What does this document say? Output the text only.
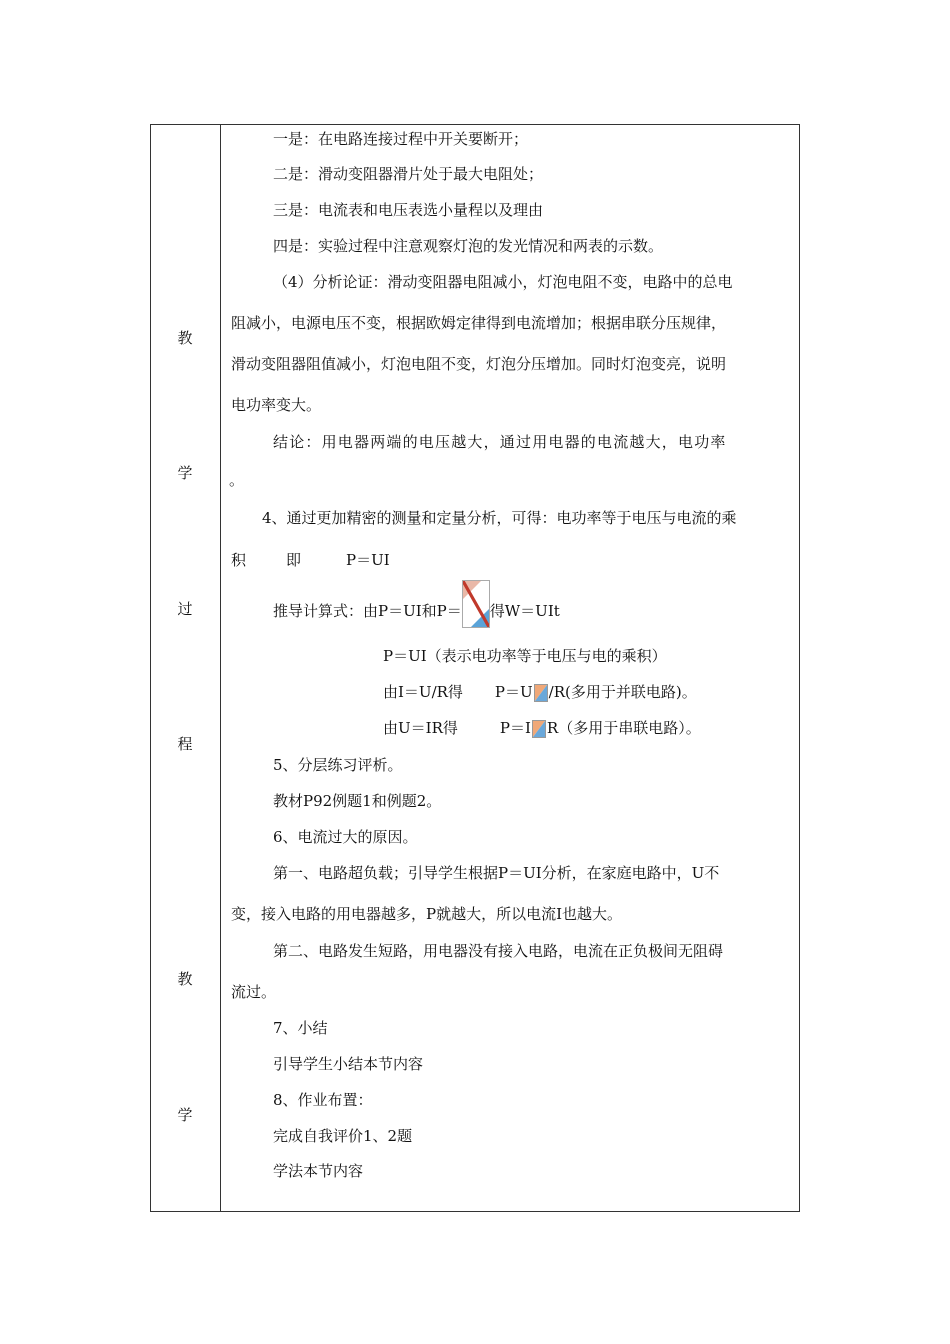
教
学
过
程
教
学
一是：在电路连接过程中开关要断开；
二是：滑动变阻器滑片处于最大电阻处；
三是：电流表和电压表选小量程以及理由
四是：实验过程中注意观察灯泡的发光情况和两表的示数。
（4）分析论证：滑动变阻器电阻减小，灯泡电阻不变，电路中的总电
阻减小，电源电压不变，根据欧姆定律得到电流增加；根据串联分压规律，
滑动变阻器阻值减小，灯泡电阻不变，灯泡分压增加。同时灯泡变亮，说明
电功率变大。
结论：用电器两端的电压越大，通过用电器的电流越大，电功率
。
4、通过更加精密的测量和定量分析，可得：电功率等于电压与电流的乘
积	即	P＝UI
推导计算式：由P＝UI和P＝ 得W＝UIt
P＝UI（表示电功率等于电压与电的乘积）
由I＝U/R得 P＝U /R(多用于并联电路)。
由U＝IR得	P＝I R（多用于串联电路）。
5、分层练习评析。
教材P92例题1和例题2。
6、电流过大的原因。
第一、电路超负载；引导学生根据P＝UI分析，在家庭电路中，U不
变，接入电路的用电器越多，P就越大，所以电流I也越大。
第二、电路发生短路，用电器没有接入电路，电流在正负极间无阻碍
流过。
7、小结
引导学生小结本节内容
8、作业布置：
完成自我评价1、2题
学法本节内容
